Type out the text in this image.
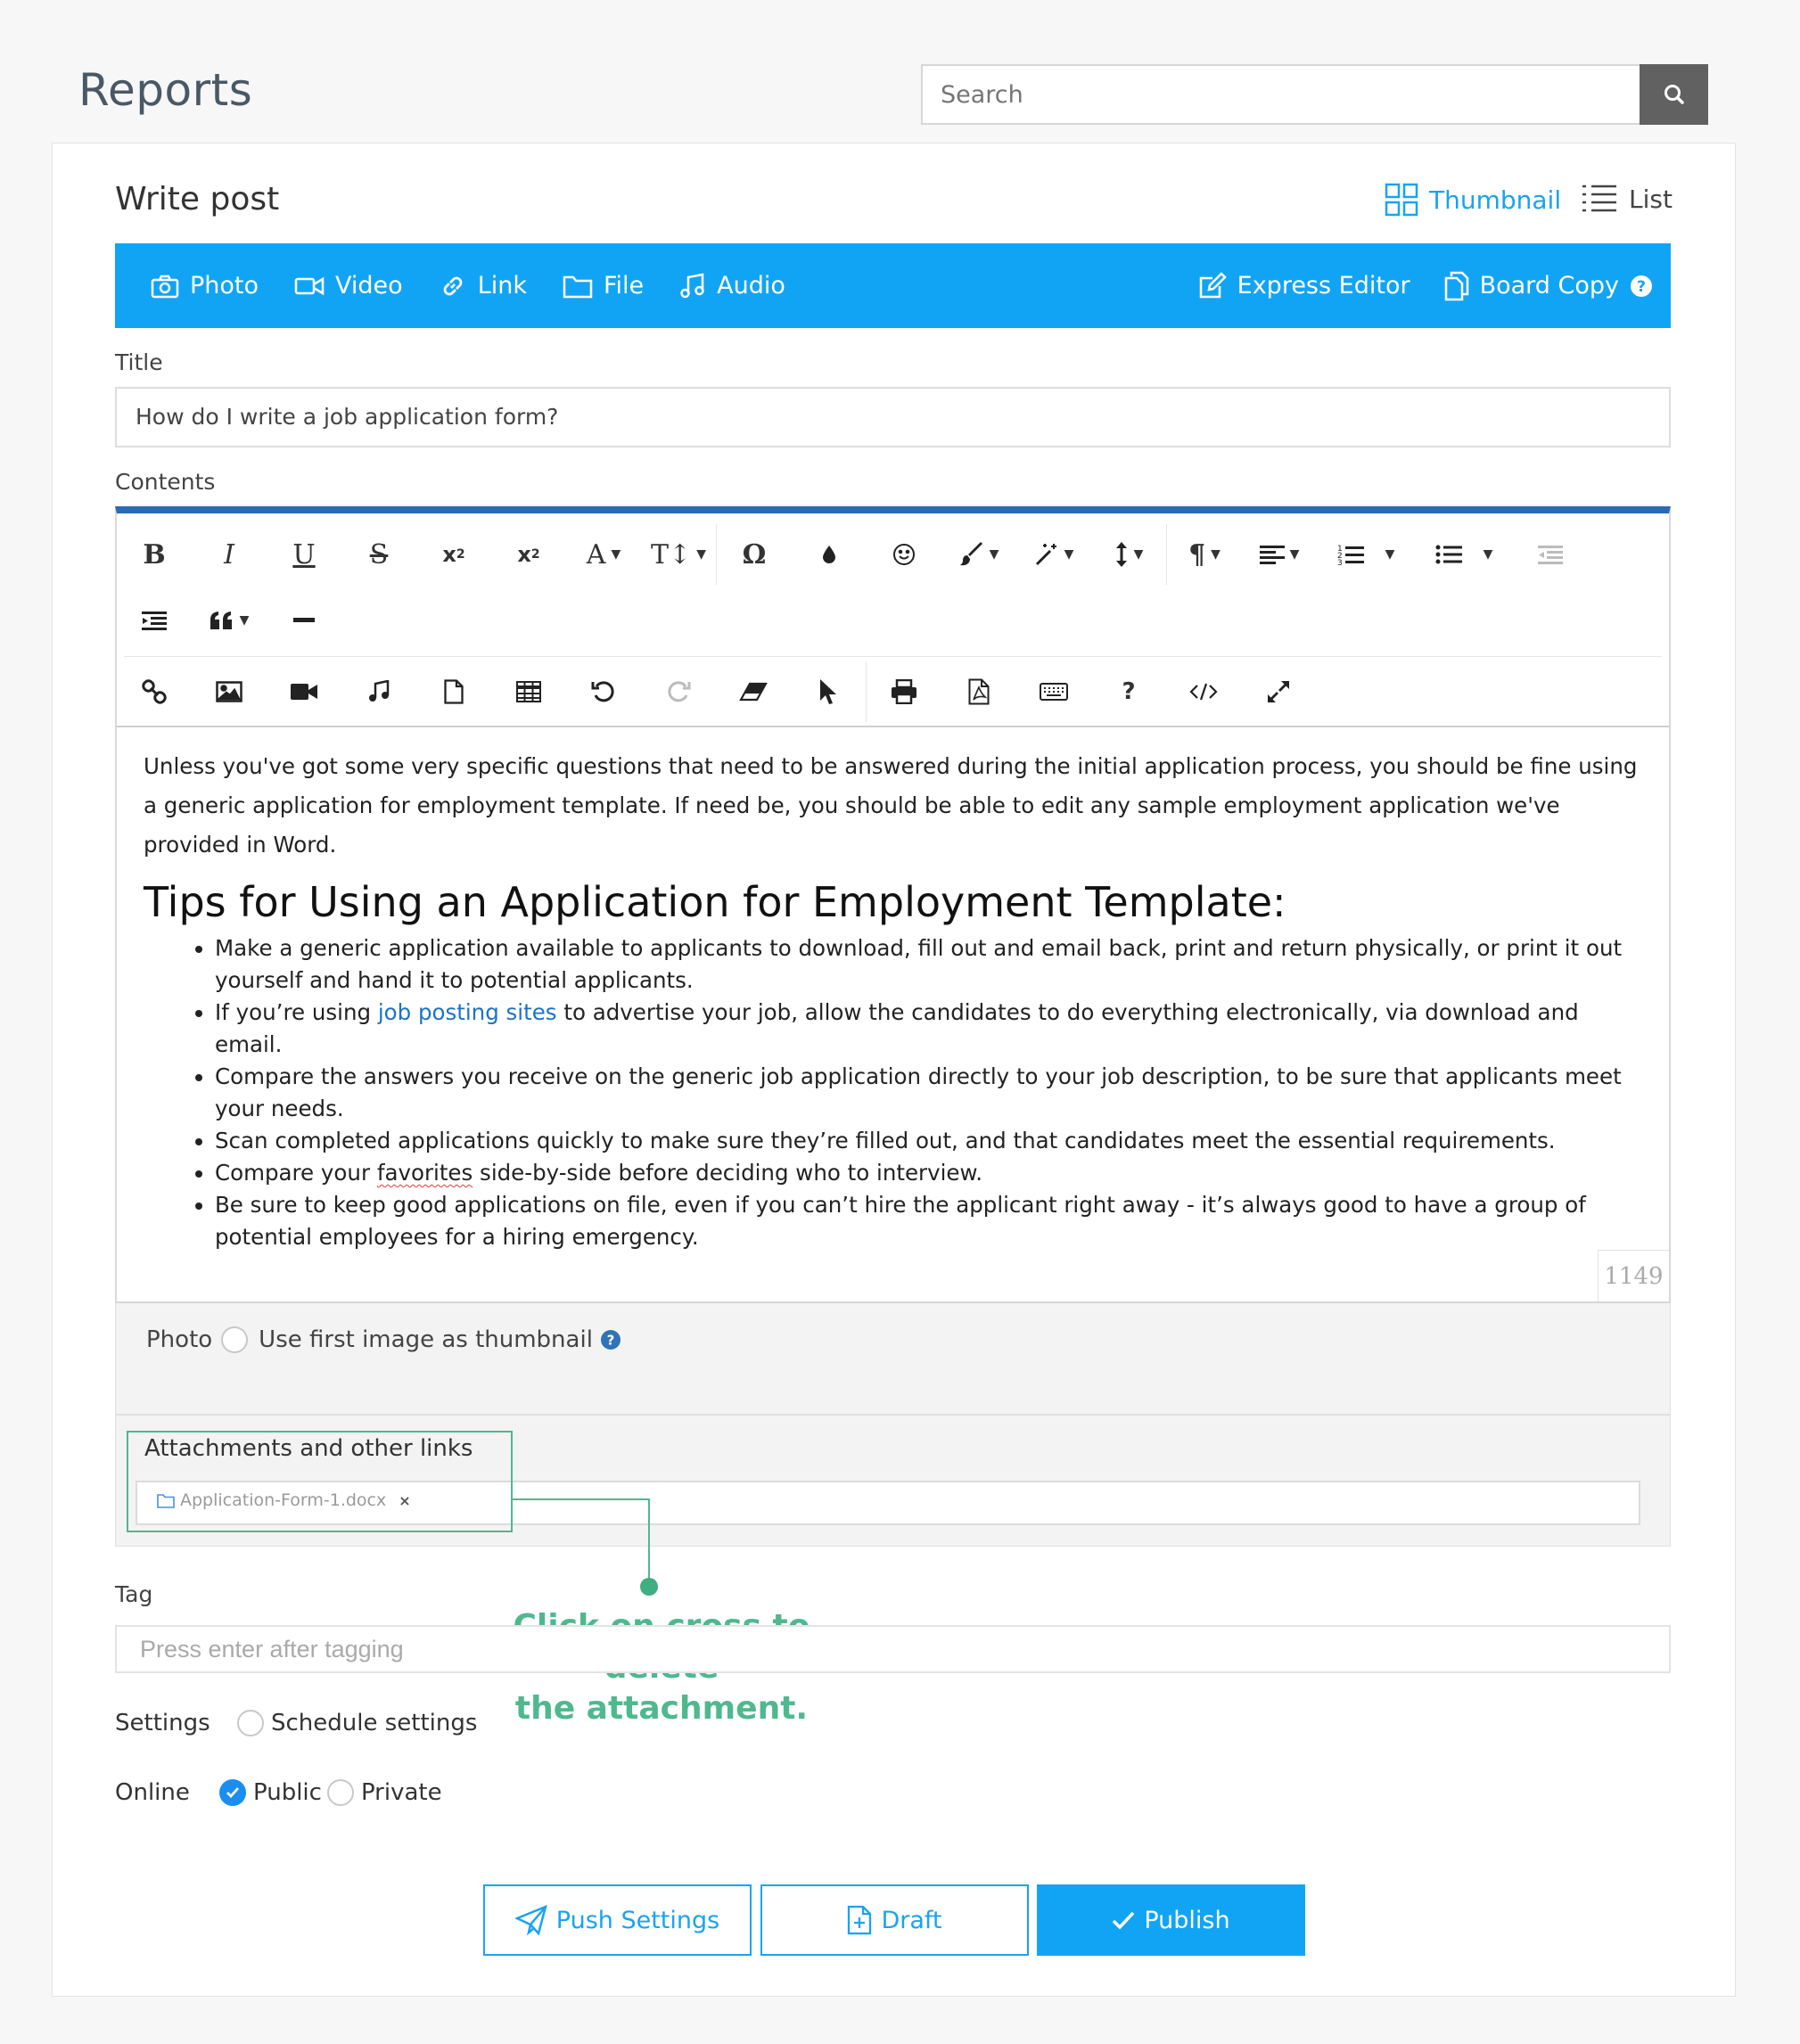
Reports
Search
Write post	Thumbnail	List
Photo	Video	Link	File	Audio	Express Editor	Board Copy ?
Title
How do I write a job application form?
Contents
B	I	U	S	x 2	x 2	A ▼	T↕ ▼	Ω	▼	▼	▼	¶ ▼	▼	1
2
3
▼	▼
▼
?

Unless you've got some very specific questions that need to be answered during the initial application process, you should be fine using a generic application for employment template. If need be, you should be able to edit any sample employment application we've provided in Word.

Tips for Using an Application for Employment Template:
• Make a generic application available to applicants to download, fill out and email back, print and return physically, or print it out yourself and hand it to potential applicants.
• If you’re using job posting sites to advertise your job, allow the candidates to do everything electronically, via download and email.
• Compare the answers you receive on the generic job application directly to your job description, to be sure that applicants meet your needs.
• Scan completed applications quickly to make sure they’re filled out, and that candidates meet the essential requirements.
• Compare your favorites side-by-side before deciding who to interview.
• Be sure to keep good applications on file, even if you can’t hire the applicant right away - it’s always good to have a group of potential employees for a hiring emergency.
1149
Photo Use first image as thumbnail ?
Attachments and other links
Application-Form-1.docx ×
the attachment.
Tag
Press enter after tagging
Settings	Schedule settings
Online	Public Private
Push Settings	Draft	Publish
